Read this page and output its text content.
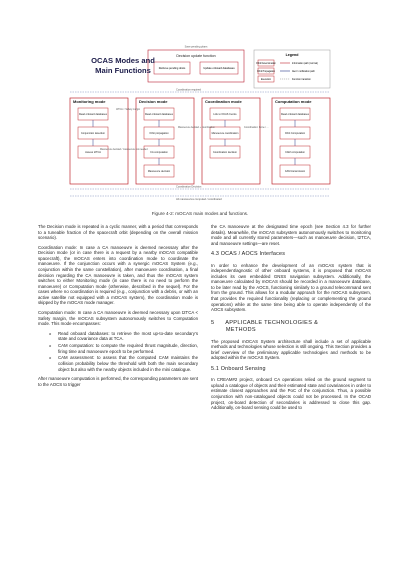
Decision update function
Retrieve pending obsts	Update onboard databases
Save pending plans
Legend
Orbit Determination
Orbit Propagation
Execution
Information path (normal)
Alert / notification path
Function transition
Coordination required
Coordination Decision
All manoeuvres computed / coordinated
Monitoring mode
Read onboard databases
Conjunction detection
Assess t2TCA
Decision mode
Read onboard databases
Orbit propagation
CA computation
Manoeuvre decision
Coordination mode
Link to OCAS Centre
Manoeuvre coordination
Coordination decision
Computation mode
Read onboard databases
Orbit Computation
CAM computation
CAM transmission
t2TCA < Safety margin
Manoeuvre decided / manoeuvre not needed
Manoeuvre decided + coordination	Coordination: Done / ...
OCAS Modes and
Main Functions
Figure 4-2: mOCAS main modes and functions.

The Decision mode is repeated in a cyclic manner, with a period that corresponds to a tuneable fraction of the spacecraft orbit (depending on the overall mission scenario).

Coordination mode: In case a CA manoeuvre is deemed necessary after the Decision mode (or in case there is a request by a nearby mOCAS compatible spacecraft), the mOCAS enters into coordination mode to coordinate the manoeuvre. If the conjunction occurs with a synergic mOCAS System (e.g., conjunction within the same constellation), after manoeuvre coordination, a final decision regarding the CA manoeuvre is taken, and thus the mOCAS system switches to either Monitoring mode (in case there is no need to perform the manoeuvre) or Computation mode (otherwise, described in the sequel). For the cases where no coordination is required (e.g., conjunction with a debris, or with an active satellite not equipped with a mOCAS system), the coordination mode is skipped by the mOCAS mode manager.

Computation mode: In case a CA manoeuvre is deemed necessary upon t2TCA < Safety margin, the mOCAS subsystem autonomously switches to Computation mode. This mode encompasses:

o Read onboard databases: to retrieve the most up-to-date secondary’s state and covariance data at TCA.
o CAM computation: to compute the required thrust magnitude, direction, firing time and manoeuvre epoch to be performed.
o CAM assessment: to assess that the computed CAM maintains the collision probability below the threshold with both the main secondary object but also with the nearby objects included in the mini catalogue.

After manoeuvre computation is performed, the corresponding parameters are sent to the AOCS to trigger

the CA manoeuvre at the designated time epoch (see Section 4.3 for further details). Meanwhile, the mOCAS subsystem autonomously switches to monitoring mode and all currently stored parameters—such as manoeuvre decision, t2TCA, and manoeuvre settings—are reset.

4.3 OCAS / AOCS Interfaces

In order to enhance the development of an mOCAS system that is independent/agnostic of other onboard systems, it is proposed that mOCAS includes its own embedded GNSS navigation subsystem. Additionally, the manoeuvre calculated by mOCAS should be recorded in a manoeuvre database, to be later read by the AOCS, functioning similarly to a ground telecommand sent from the ground. This allows for a modular approach for the mOCAS subsystem, that provides the required functionality (replacing or complementing the ground operations) while at the same time being able to operate independently of the AOCS subsystem.

5      APPLICABLE TECHNOLOGIES &
METHODS

The proposed mOCAS System architecture shall include a set of applicable methods and technologies whose selection is still ongoing. This Section provides a brief overview of the preliminary applicable technologies and methods to be adopted within the mOCAS System.

5.1 Onboard Sensing

In CREAM#2 project, onboard CA operations relied on the ground segment to upload a catalogue of objects and their estimated state and covariances in order to estimate closest approaches and the PoC of the conjunction. Thus, a possible conjunction with non-catalogued objects could not be processed. In the OCAD project, on-board detection of secondaries is addressed to close this gap. Additionally, on-board sensing could be used to
